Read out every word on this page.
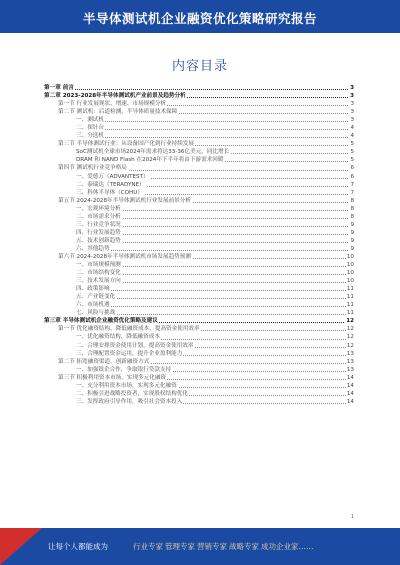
半导体测试机企业融资优化策略研究报告
内容目录
第一章 前言	3
第二章 2023-2028年半导体测试机产业前景及趋势分析	3
第一节 行业发展现状、增速、市场规模分析	3
第二节 测试机：后道检测，半导体质量技术保障	3
一、测试机	3
二、探针台	4
三、分选机	4
第三节 半导体测试行业：从设备国产化到行业持续发展	5
SoC测试机全球市场2024年需求将达33-36亿美元，同比增长	5
DRAM 和 NAND Flash 在2024年下半年将由下游需求回暖	5
第四节 测试机行业竞争格局	6
一、爱德万（ADVANTEST）	6
二、泰瑞达（TERADYNE）	7
三、科休半导体（COHU）	7
第五节 2024-2028年半导体测试机行业发展前景分析	8
一、宏观环境分析	8
二、市场需求分析	8
三、行业竞争状况	9
四、行业发展趋势	9
五、技术创新趋势	9
六、其他趋势	9
第六节 2024-2028年半导体测试机市场发展趋势预测	10
一、市场规模预测	10
二、市场结构变化	10
三、技术发展方向	10
四、政策影响	11
五、产业链变化	11
六、市场机遇	11
七、风险与挑战	11
第三章 半导体测试机企业融资优化策略及建议	12
第一节 优化融资结构，降低融资成本，提高资金使用效率	12
一、优化融资结构，降低融资成本	12
二、合理安排资金使用计划，提高资金使用效率	12
三、合理配置资金运用，提升企业盈利能力	13
第二节 拓宽融资渠道，创新融资方式	13
一、加强银企合作，争取银行贷款支持	13
第三节 积极利用资本市场，实现多元化融资	14
一、充分利用资本市场，实现多元化融资	14
二、积极引进战略投资者，实现股权结构优化	14
三、发挥政府引导作用，吸引社会资本投入	14
1
让每个人都能成为	行业专家 管理专家 营销专家 战略专家 成功企业家……
